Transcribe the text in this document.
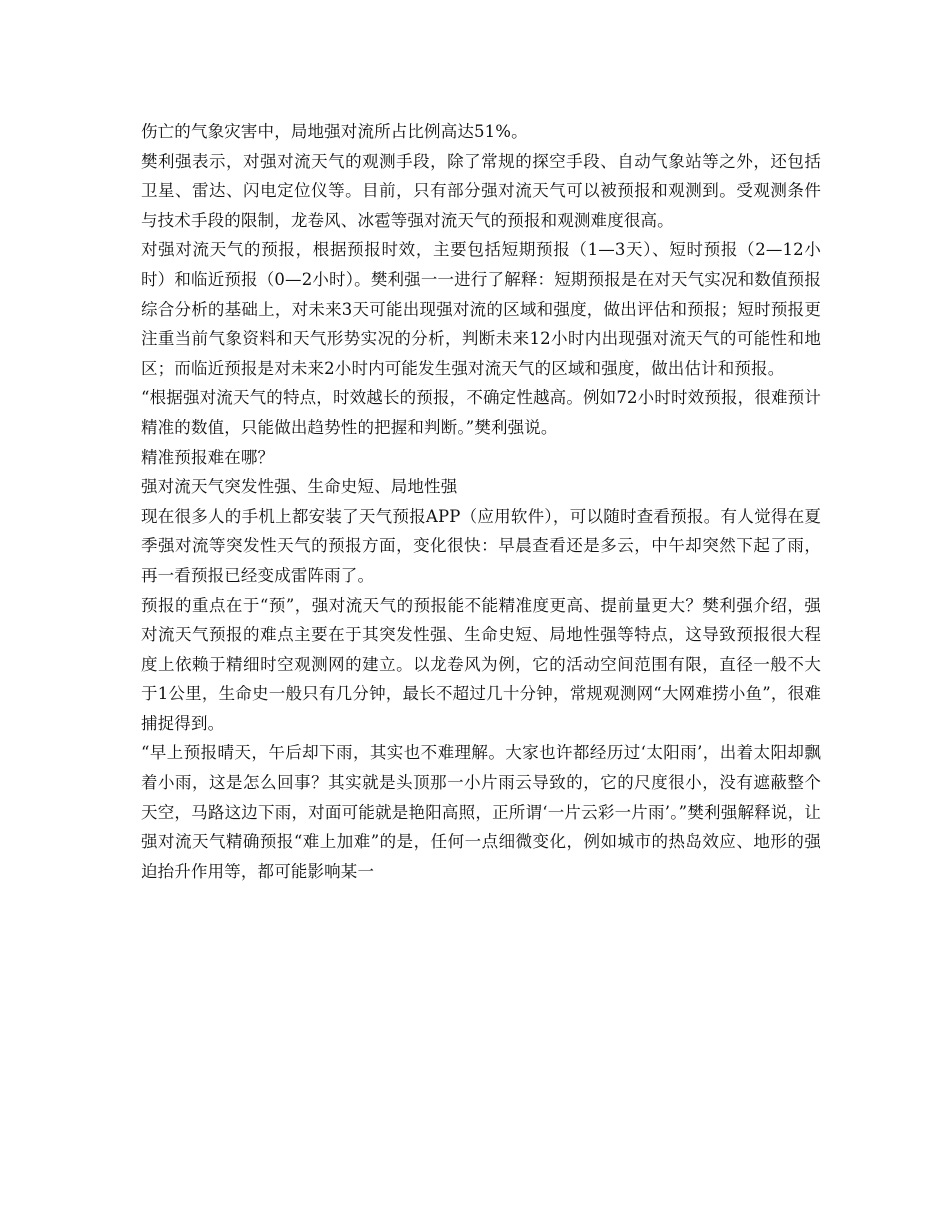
伤亡的气象灾害中，局地强对流所占比例高达51%。

樊利强表示，对强对流天气的观测手段，除了常规的探空手段、自动气象站等之外，还包括卫星、雷达、闪电定位仪等。目前，只有部分强对流天气可以被预报和观测到。受观测条件与技术手段的限制，龙卷风、冰雹等强对流天气的预报和观测难度很高。

对强对流天气的预报，根据预报时效，主要包括短期预报（1—3天）、短时预报（2—12小时）和临近预报（0—2小时）。樊利强一一进行了解释：短期预报是在对天气实况和数值预报综合分析的基础上，对未来3天可能出现强对流的区域和强度，做出评估和预报；短时预报更注重当前气象资料和天气形势实况的分析，判断未来12小时内出现强对流天气的可能性和地区；而临近预报是对未来2小时内可能发生强对流天气的区域和强度，做出估计和预报。

“根据强对流天气的特点，时效越长的预报，不确定性越高。例如72小时时效预报，很难预计精准的数值，只能做出趋势性的把握和判断。”樊利强说。

精准预报难在哪？

强对流天气突发性强、生命史短、局地性强

现在很多人的手机上都安装了天气预报APP（应用软件），可以随时查看预报。有人觉得在夏季强对流等突发性天气的预报方面，变化很快：早晨查看还是多云，中午却突然下起了雨，再一看预报已经变成雷阵雨了。

预报的重点在于“预”，强对流天气的预报能不能精准度更高、提前量更大？樊利强介绍，强对流天气预报的难点主要在于其突发性强、生命史短、局地性强等特点，这导致预报很大程度上依赖于精细时空观测网的建立。以龙卷风为例，它的活动空间范围有限，直径一般不大于1公里，生命史一般只有几分钟，最长不超过几十分钟，常规观测网“大网难捞小鱼”，很难捕捉得到。

“早上预报晴天，午后却下雨，其实也不难理解。大家也许都经历过‘太阳雨’，出着太阳却飘着小雨，这是怎么回事？其实就是头顶那一小片雨云导致的，它的尺度很小，没有遮蔽整个天空，马路这边下雨，对面可能就是艳阳高照，正所谓‘一片云彩一片雨’。”樊利强解释说，让强对流天气精确预报“难上加难”的是，任何一点细微变化，例如城市的热岛效应、地形的强迫抬升作用等，都可能影响某一
